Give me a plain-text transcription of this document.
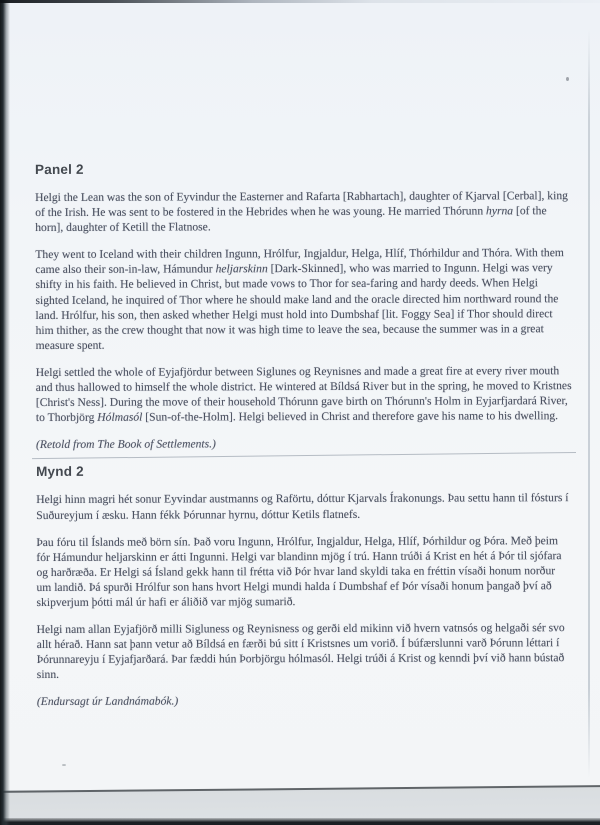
Panel 2

Helgi the Lean was the son of Eyvindur the Easterner and Rafarta [Rabhartach], daughter of Kjarval [Cerbal], king of the Irish. He was sent to be fostered in the Hebrides when he was young. He married Thórunn hyrna [of the horn], daughter of Ketill the Flatnose.

They went to Iceland with their children Ingunn, Hrólfur, Ingjaldur, Helga, Hlíf, Thórhildur and Thóra. With them came also their son-in-law, Hámundur heljarskinn [Dark-Skinned], who was married to Ingunn. Helgi was very shifty in his faith. He believed in Christ, but made vows to Thor for sea-faring and hardy deeds. When Helgi sighted Iceland, he inquired of Thor where he should make land and the oracle directed him northward round the land. Hrólfur, his son, then asked whether Helgi must hold into Dumbshaf [lit. Foggy Sea] if Thor should direct him thither, as the crew thought that now it was high time to leave the sea, because the summer was in a great measure spent.

Helgi settled the whole of Eyjafjördur between Siglunes og Reynisnes and made a great fire at every river mouth and thus hallowed to himself the whole district. He wintered at Bíldsá River but in the spring, he moved to Kristnes [Christ's Ness]. During the move of their household Thórunn gave birth on Thórunn's Holm in Eyjarfjardará River, to Thorbjörg Hólmasól [Sun-of-the-Holm]. Helgi believed in Christ and therefore gave his name to his dwelling.

(Retold from The Book of Settlements.)

Mynd 2

Helgi hinn magri hét sonur Eyvindar austmanns og Raförtu, dóttur Kjarvals Írakonungs. Þau settu hann til fósturs í Suðureyjum í æsku. Hann fékk Þórunnar hyrnu, dóttur Ketils flatnefs.

Þau fóru til Íslands með börn sín. Það voru Ingunn, Hrólfur, Ingjaldur, Helga, Hlíf, Þórhildur og Þóra. Með þeim fór Hámundur heljarskinn er átti Ingunni. Helgi var blandinn mjög í trú. Hann trúði á Krist en hét á Þór til sjófara og harðræða. Er Helgi sá Ísland gekk hann til frétta við Þór hvar land skyldi taka en fréttin vísaði honum norður um landið. Þá spurði Hrólfur son hans hvort Helgi mundi halda í Dumbshaf ef Þór vísaði honum þangað því að skipverjum þótti mál úr hafi er áliðið var mjög sumarið.

Helgi nam allan Eyjafjörð milli Sigluness og Reynisness og gerði eld mikinn við hvern vatnsós og helgaði sér svo allt hérað. Hann sat þann vetur að Bíldsá en færði bú sitt í Kristsnes um vorið. Í búfærslunni varð Þórunn léttari í Þórunnareyju í Eyjafjarðará. Þar fæddi hún Þorbjörgu hólmasól. Helgi trúði á Krist og kenndi því við hann bústað sinn.

(Endursagt úr Landnámabók.)
